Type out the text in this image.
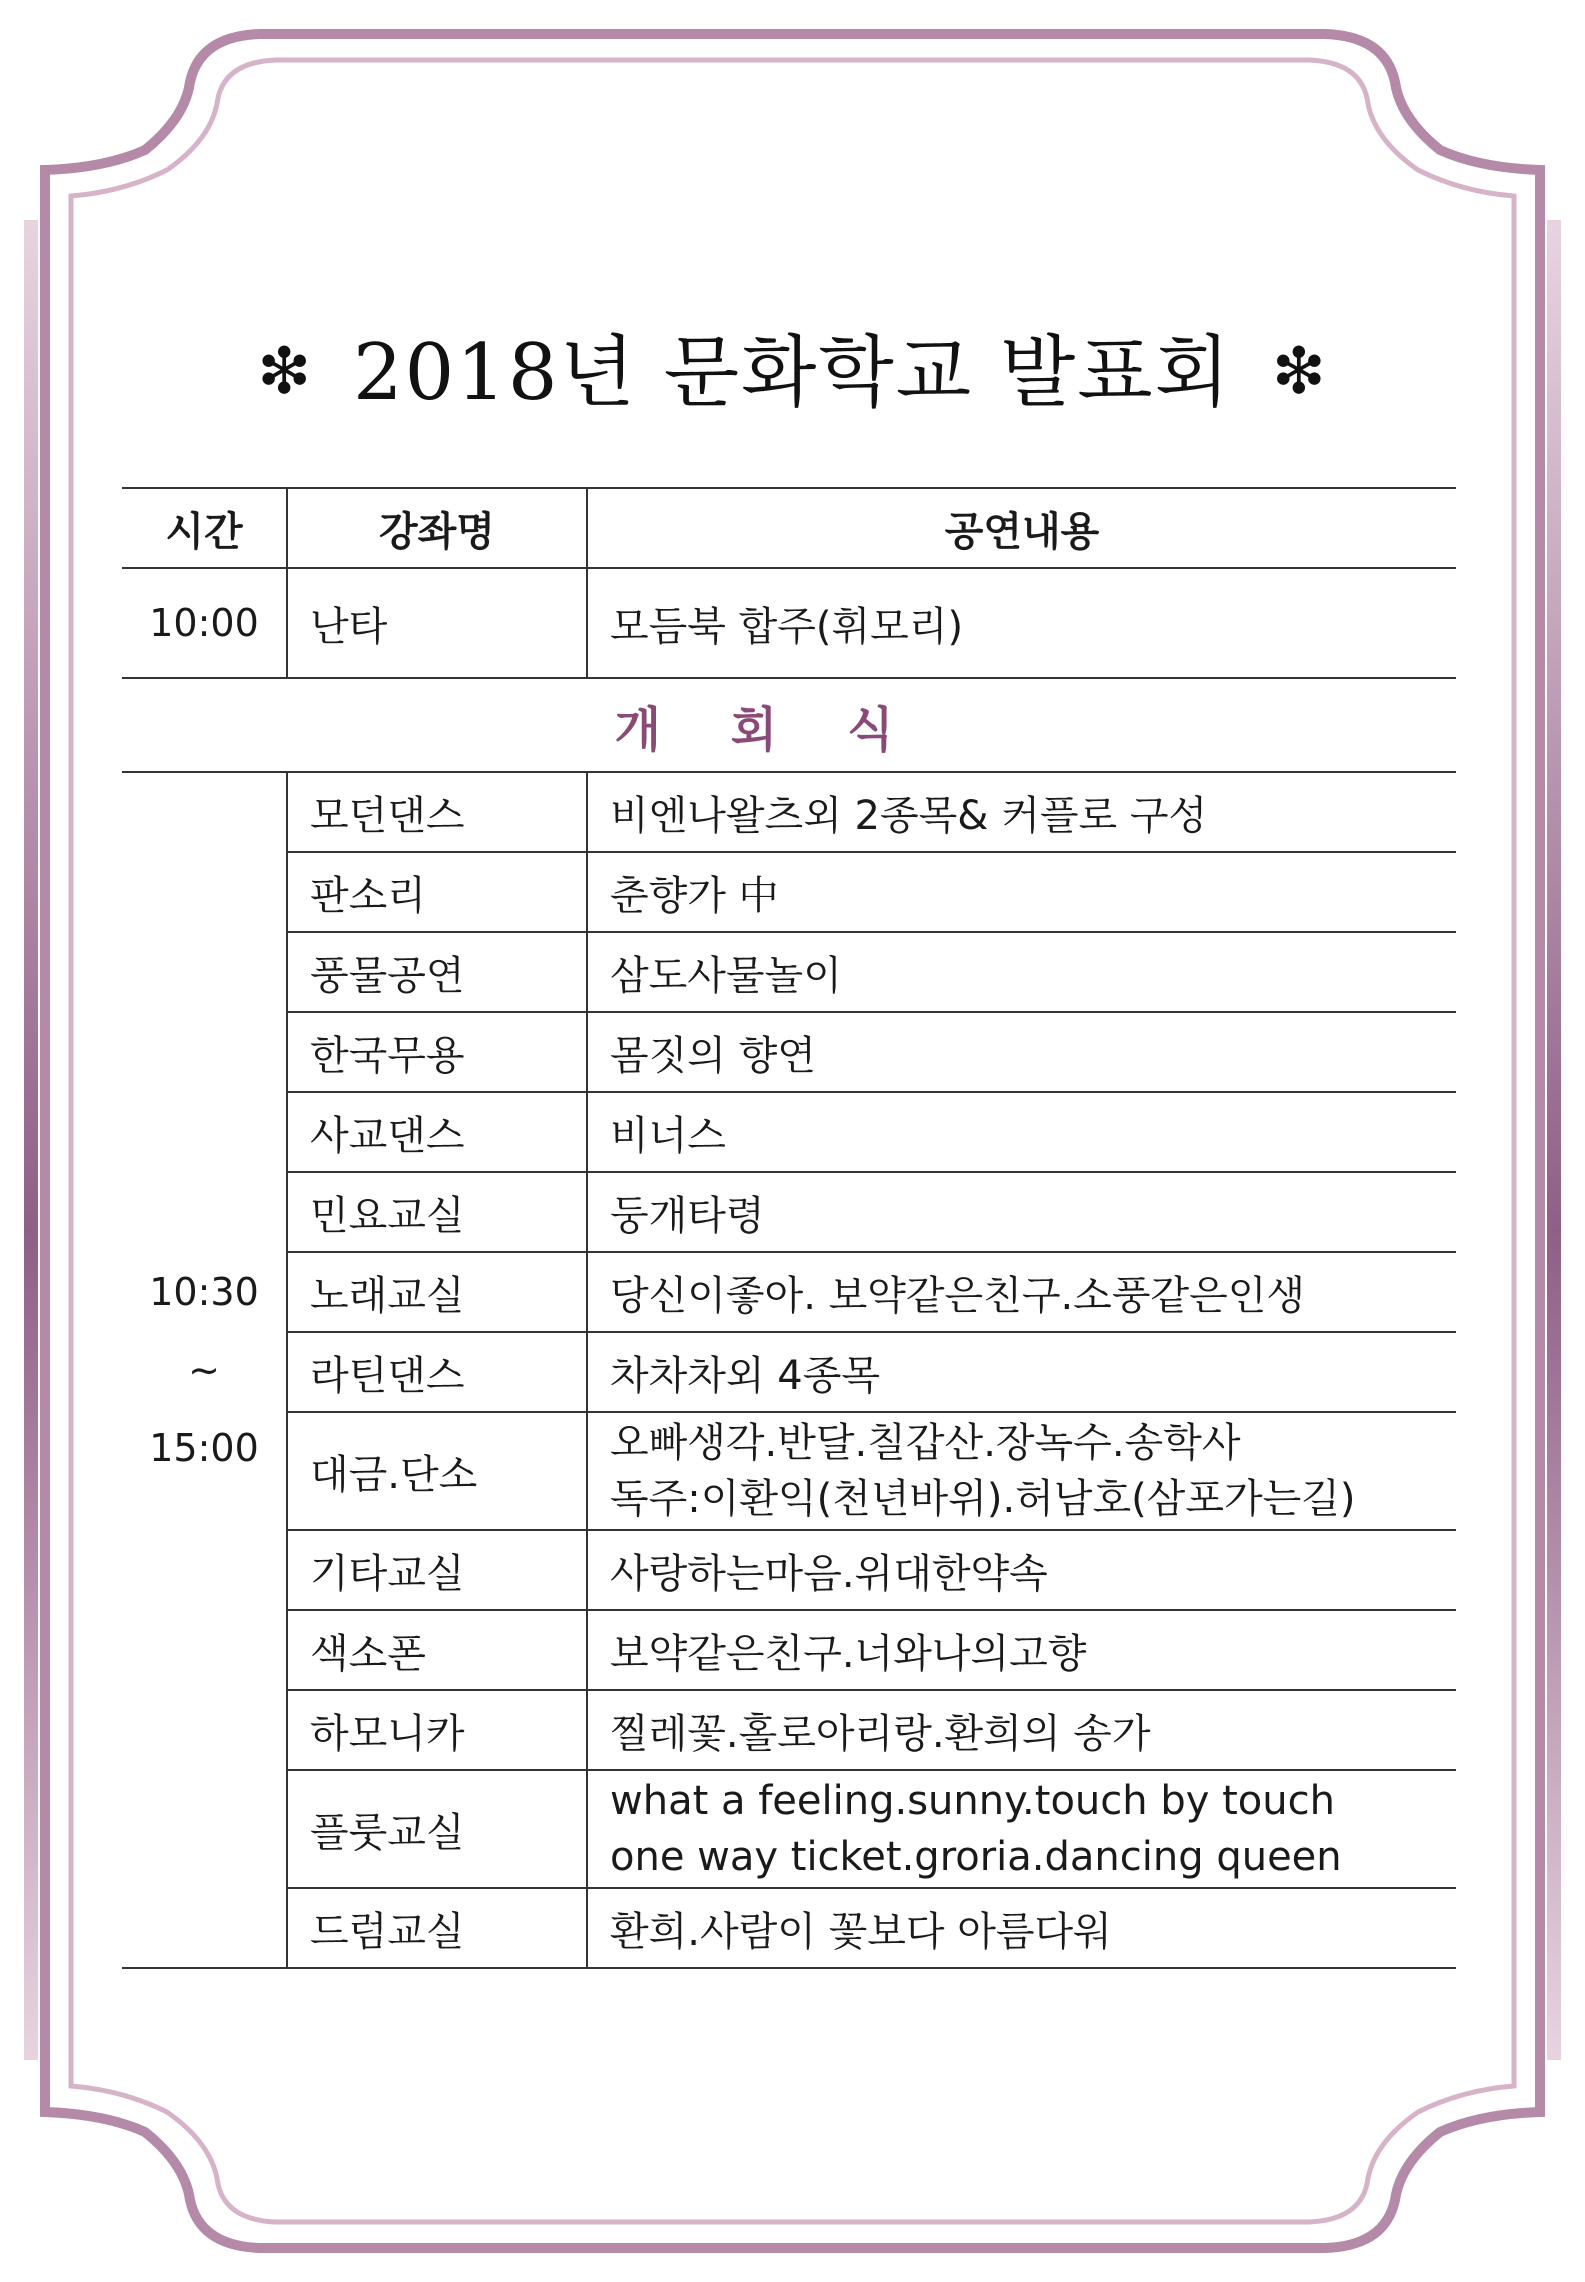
❇ 2018년 문화학교 발표회 ❇
시간	강좌명	공연내용
10:00	난타	모듬북 합주(휘모리)
개회식		

10:30
~
15:00	모던댄스	비엔나왈츠외 2종목& 커플로 구성
	판소리	춘향가 中
	풍물공연	삼도사물놀이
	한국무용	몸짓의 향연
	사교댄스	비너스
	민요교실	둥개타령
	노래교실	당신이좋아. 보약같은친구.소풍같은인생
	라틴댄스	차차차외 4종목
	대금.단소	오빠생각.반달.칠갑산.장녹수.송학사
독주:이환익(천년바위).허남호(삼포가는길)

	기타교실	사랑하는마음.위대한약속
	색소폰	보약같은친구.너와나의고향
	하모니카	찔레꽃.홀로아리랑.환희의 송가
	플룻교실	what a feeling.sunny.touch by touch
one way ticket.groria.dancing queen

	드럼교실	환희.사람이 꽃보다 아름다워
